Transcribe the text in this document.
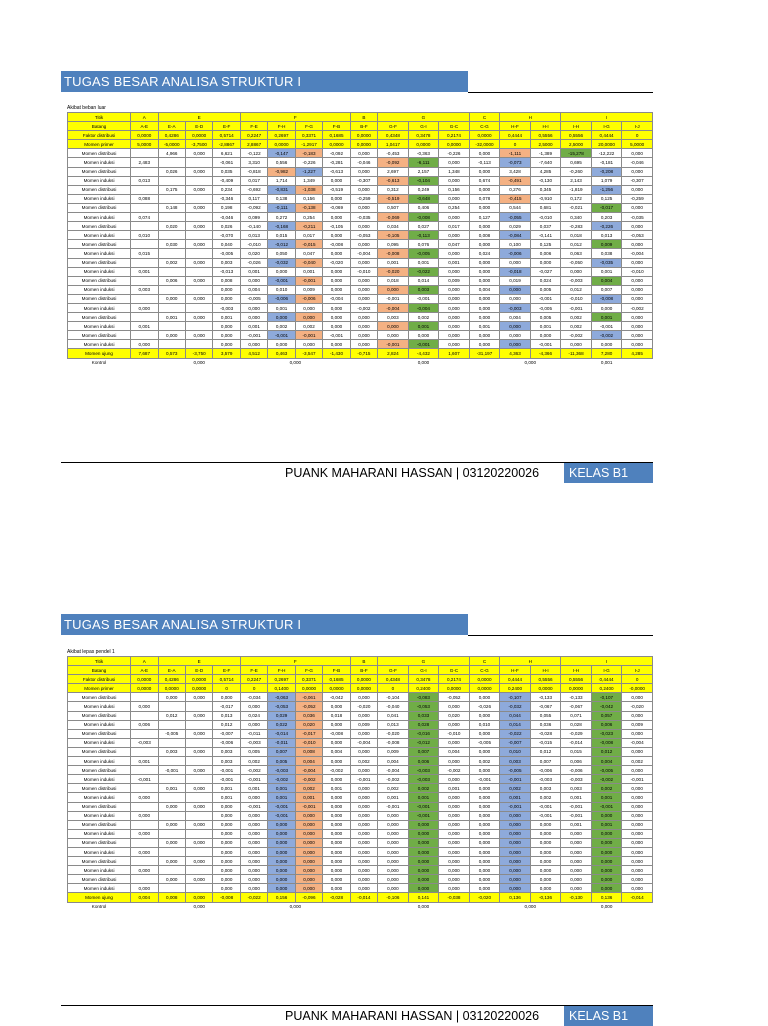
TUGAS BESAR ANALISA STRUKTUR I
Akibat beban luar
Titik	A	E			F				B	G			C	H		I		
Batang	A-E	E-A	E-D	E-F	F-E	F-H	F-G	F-B	B-F	G-F	G-I	G-C	C-G	H-F	H-I	I-H	I-G	I-J
Faktor distribusi	0,0000	0,4286	0,0000	0,5714	0,2247	0,2697	0,3371	0,1685	0,0000	0,4348	0,3478	0,2174	0,0000	0,4444	0,5556	0,5556	0,4444	0
Momen primer	5,0000	-5,0000	-3,7500	-2,8867	2,8867	0,0000	-1,2917	0,0000	0,0000	1,0417	0,0000	0,0000	-32,0000	0	2,5000	2,5000	20,0000	5,0000
Momen distribusi		4,966	0,000	6,621	-0,122	-0,147	-0,183	-0,092	0,000	-0,453	-0,363	-0,226	0,000	-1,111	-1,389	-15,278	-12,222	0,000
Momen induksi	2,483			-0,061	3,310	0,556	-0,226	-0,281	-0,046	-0,092	-6,111	0,000	-0,113	-0,073	-7,640	0,695	-0,181	-0,046
Momen distribusi		0,026	0,000	0,035	-0,818	-0,982	-1,227	-0,613	0,000	2,697	2,157	1,348	0,000	3,428	4,285	-0,260	-0,208	0,000
Momen induksi	0,013			-0,409	0,017	1,714	1,349	0,000	-0,307	-0,613	-0,104	0,000	0,674	-0,491	-0,130	2,143	1,079	-0,307
Momen distribusi		0,175	0,000	0,234	-0,692	-0,831	-1,038	-0,519	0,000	0,312	0,249	0,156	0,000	0,276	0,345	-1,819	-1,256	0,000
Momen induksi	0,088			-0,346	0,117	0,138	0,156	0,000	-0,259	-0,519	-0,648	0,000	0,078	-0,415	-0,910	0,172	0,125	-0,259
Momen distribusi		0,148	0,000	0,198	-0,092	-0,111	-0,138	-0,069	0,000	0,507	0,406	0,254	0,000	0,544	0,681	-0,021	-0,017	0,000
Momen induksi	0,074			-0,046	0,099	0,272	0,254	0,000	-0,035	-0,069	-0,008	0,000	0,127	-0,055	-0,010	0,340	0,203	-0,035
Momen distribusi		0,020	0,000	0,026	-0,140	-0,168	-0,211	-0,105	0,000	0,034	0,027	0,017	0,000	0,029	0,037	-0,283	-0,226	0,000
Momen induksi	0,010			-0,070	0,013	0,015	0,017	0,000	-0,053	-0,105	-0,113	0,000	0,008	-0,084	-0,141	0,018	0,013	-0,053
Momen distribusi		0,030	0,000	0,040	-0,010	-0,012	-0,015	-0,008	0,000	0,095	0,076	0,047	0,000	0,100	0,125	0,012	0,009	0,000
Momen induksi	0,015			-0,005	0,020	0,050	0,047	0,000	-0,004	-0,008	-0,005	0,000	0,024	-0,006	0,006	0,063	0,038	-0,004
Momen distribusi		0,002	0,000	0,003	-0,026	-0,032	-0,040	-0,020	0,000	0,001	0,001	0,001	0,000	0,000	0,000	-0,050	-0,035	0,000
Momen induksi	0,001			-0,013	0,001	0,000	0,001	0,000	-0,010	-0,020	-0,022	0,000	0,000	-0,018	-0,027	0,000	0,001	-0,010
Momen distribusi		0,006	0,000	0,008	0,000	-0,001	-0,001	0,000	0,000	0,018	0,014	0,009	0,000	0,019	0,024	-0,003	0,004	0,000
Momen induksi	0,003			0,000	0,004	0,010	0,009	0,000	0,000	0,000	0,003	0,000	0,004	0,000	0,005	0,012	0,007	0,000
Momen distribusi		0,000	0,000	0,000	-0,005	-0,006	-0,006	-0,004	0,000	-0,001	-0,001	0,000	0,000	0,000	-0,001	-0,010	-0,008	0,000
Momen induksi	0,000			-0,003	0,000	0,001	0,000	0,000	-0,002	-0,004	-0,004	0,000	0,000	-0,003	-0,005	-0,001	0,000	-0,002
Momen distribusi		0,001	0,000	0,001	0,000	0,000	0,000	0,000	0,000	0,003	0,002	0,000	0,000	0,004	0,005	0,002	0,001	0,000
Momen induksi	0,001			0,000	0,001	0,002	0,002	0,000	0,000	0,000	0,001	0,000	0,001	0,000	0,001	0,002	-0,001	0,000
Momen distribusi		0,000	0,000	0,000	-0,001	-0,001	-0,001	-0,001	0,000	0,000	0,000	0,000	0,000	0,000	0,000	-0,002	-0,002	0,000
Momen induksi	0,000			0,000	0,000	0,000	0,000	0,000	0,000	-0,001	-0,001	0,000	0,000	0,000	-0,001	0,000	0,000	0,000
Momen ujung	7,687	0,573	-3,750	3,579	4,512	0,463	-3,547	-1,430	-0,715	2,824	-4,432	1,607	-31,197	4,363	-4,366	-11,368	7,280	4,285
Kontrol		0,000			0,000					0,000				0,000		0,001		
PUANK MAHARANI HASSAN | 03120220026	KELAS B1
TUGAS BESAR ANALISA STRUKTUR I
Akibat lepas pendel 1
Titik	A	E			F				B	G			C	H		I		
Batang	A-E	E-A	E-D	E-F	F-E	F-H	F-G	F-B	B-F	G-F	G-I	G-C	C-G	H-F	H-I	I-H	I-G	I-J
Faktor distribusi	0,0000	0,4286	0,0000	0,5714	0,2247	0,2697	0,3371	0,1685	0,0000	0,4348	0,3478	0,2174	0,0000	0,4444	0,5556	0,5556	0,4444	0
Momen primer	0,0000	0,0000	0,0000	0	0	0,1400	0,0000	0,0000	0,0000	0	0,2400	0,0000	0,0000	0,2400	0,0000	0,0000	0,2400	-0,0000
Momen distribusi		0,000	0,000	0,000	-0,034	-0,063	-0,061	-0,042	0,000	-0,104	-0,083	-0,052	0,000	-0,107	-0,133	-0,133	-0,107	0,000
Momen induksi	0,000			-0,017	0,000	-0,053	-0,052	0,000	-0,020	-0,040	-0,053	0,000	-0,026	-0,032	-0,067	-0,067	-0,042	-0,020
Momen distribusi		0,012	0,000	0,013	0,024	0,029	0,036	0,018	0,000	0,041	0,033	0,020	0,000	0,044	0,055	0,071	0,057	0,000
Momen induksi	0,006			0,012	0,000	0,022	0,020	0,000	0,009	0,013	0,028	0,000	0,010	0,014	0,036	0,028	0,006	0,009
Momen distribusi		-0,005	0,000	-0,007	-0,011	-0,014	-0,017	-0,008	0,000	-0,020	-0,016	-0,010	0,000	-0,022	-0,028	-0,029	-0,023	0,000
Momen induksi	-0,003			-0,006	-0,003	-0,011	-0,010	0,000	-0,004	-0,008	-0,012	0,000	-0,005	-0,007	-0,015	-0,014	-0,008	-0,004
Momen distribusi		0,003	0,000	0,003	0,005	0,007	0,008	0,004	0,000	0,009	0,007	0,004	0,000	0,010	0,012	0,015	0,012	0,000
Momen induksi	0,001			0,003	0,002	0,005	0,004	0,000	0,002	0,004	0,006	0,000	0,002	0,003	0,007	0,006	0,004	0,002
Momen distribusi		-0,001	0,000	-0,001	-0,002	-0,003	-0,004	-0,002	0,000	-0,004	-0,003	-0,002	0,000	-0,005	-0,006	-0,006	-0,005	0,000
Momen induksi	-0,001			-0,001	-0,001	-0,002	-0,002	0,000	-0,001	-0,002	-0,003	0,000	-0,001	-0,001	-0,003	-0,003	-0,002	-0,001
Momen distribusi		0,001	0,000	0,001	0,001	0,001	0,002	0,001	0,000	0,002	0,002	0,001	0,000	0,002	0,003	0,003	0,002	0,000
Momen induksi	0,000			0,001	0,000	0,001	0,001	0,000	0,000	0,001	0,001	0,000	0,000	0,001	0,002	0,001	0,001	0,000
Momen distribusi		0,000	0,000	0,000	-0,001	-0,001	-0,001	0,000	0,000	-0,001	-0,001	0,000	0,000	-0,001	-0,001	-0,001	-0,001	0,000
Momen induksi	0,000			0,000	0,000	-0,001	0,000	0,000	0,000	0,000	-0,001	0,000	0,000	0,000	-0,001	-0,001	0,000	0,000
Momen distribusi		0,000	0,000	0,000	0,000	0,000	0,000	0,000	0,000	0,000	0,000	0,000	0,000	0,000	0,000	0,001	0,001	0,000
Momen induksi	0,000			0,000	0,000	0,000	0,000	0,000	0,000	0,000	0,000	0,000	0,000	0,000	0,000	0,000	0,000	0,000
Momen distribusi		0,000	0,000	0,000	0,000	0,000	0,000	0,000	0,000	0,000	0,000	0,000	0,000	0,000	0,000	0,000	0,000	0,000
Momen induksi	0,000			0,000	0,000	0,000	0,000	0,000	0,000	0,000	0,000	0,000	0,000	0,000	0,000	0,000	0,000	0,000
Momen distribusi		0,000	0,000	0,000	0,000	0,000	0,000	0,000	0,000	0,000	0,000	0,000	0,000	0,000	0,000	0,000	0,000	0,000
Momen induksi	0,000			0,000	0,000	0,000	0,000	0,000	0,000	0,000	0,000	0,000	0,000	0,000	0,000	0,000	0,000	0,000
Momen distribusi		0,000	0,000	0,000	0,000	0,000	0,000	0,000	0,000	0,000	0,000	0,000	0,000	0,000	0,000	0,000	0,000	0,000
Momen induksi	0,000			0,000	0,000	0,000	0,000	0,000	0,000	0,000	0,000	0,000	0,000	0,000	0,000	0,000	0,000	0,000
Momen ujung	0,004	0,008	0,000	-0,008	-0,022	0,156	-0,096	-0,028	-0,014	-0,106	0,141	-0,038	-0,020	0,136	-0,136	-0,130	0,136	-0,014
Kontrol		0,000			0,000					0,000				0,000		0,000		
PUANK MAHARANI HASSAN | 03120220026	KELAS B1
